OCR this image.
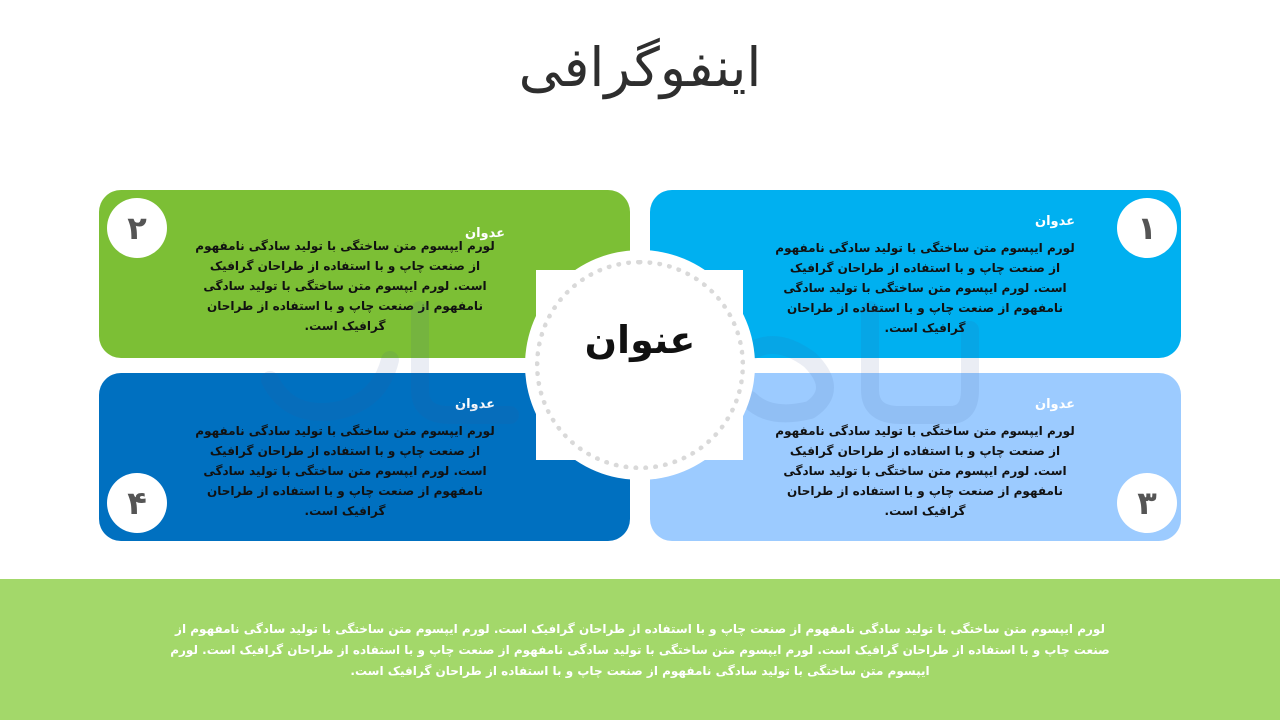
اینفوگرافی
عدوان
لورم ایپسوم متن ساختگی با تولید سادگی نامفهوم از صنعت چاپ و با استفاده از طراحان گرافیک است. لورم ایپسوم متن ساختگی با تولید سادگی نامفهوم از صنعت چاپ و با استفاده از طراحان گرافیک است.
۱
عدوان
لورم ایپسوم متن ساختگی با تولید سادگی نامفهوم از صنعت چاپ و با استفاده از طراحان گرافیک است. لورم ایپسوم متن ساختگی با تولید سادگی نامفهوم از صنعت چاپ و با استفاده از طراحان گرافیک است.
۲
عدوان
لورم ایپسوم متن ساختگی با تولید سادگی نامفهوم از صنعت چاپ و با استفاده از طراحان گرافیک است. لورم ایپسوم متن ساختگی با تولید سادگی نامفهوم از صنعت چاپ و با استفاده از طراحان گرافیک است.	۳
عدوان
لورم ایپسوم متن ساختگی با تولید سادگی نامفهوم از صنعت چاپ و با استفاده از طراحان گرافیک است. لورم ایپسوم متن ساختگی با تولید سادگی نامفهوم از صنعت چاپ و با استفاده از طراحان گرافیک است.
۴
عنوان
لورم ایپسوم متن ساختگی با تولید سادگی نامفهوم از صنعت چاپ و با استفاده از طراحان گرافیک است. لورم ایپسوم متن ساختگی با تولید سادگی نامفهوم از صنعت چاپ و با استفاده از طراحان گرافیک است. لورم ایپسوم متن ساختگی با تولید سادگی نامفهوم از صنعت چاپ و با استفاده از طراحان گرافیک است. لورم ایپسوم متن ساختگی با تولید سادگی نامفهوم از صنعت چاپ و با استفاده از طراحان گرافیک است.
